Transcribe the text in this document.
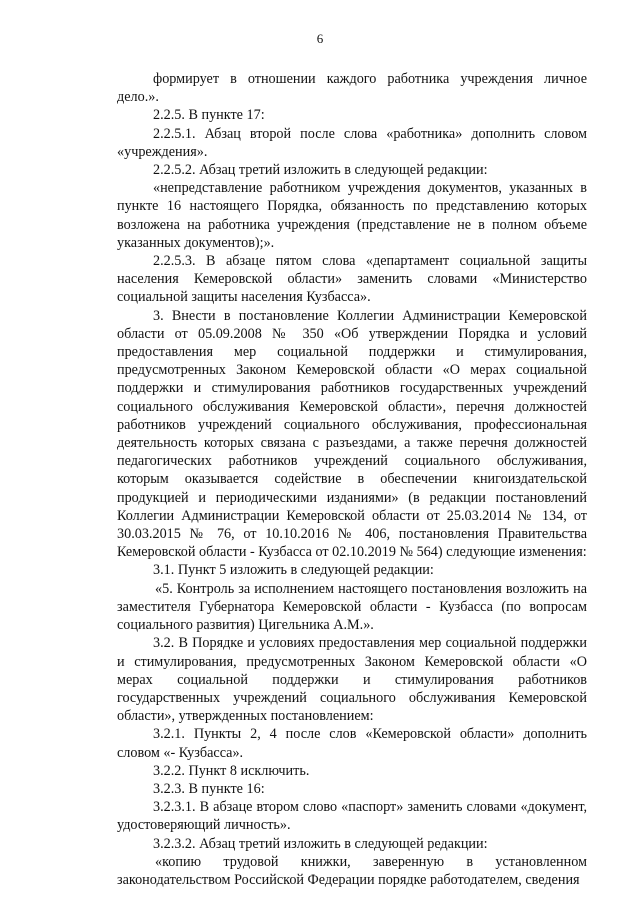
6

формирует в отношении каждого работника учреждения личное дело.».

2.2.5. В пункте 17:

2.2.5.1. Абзац второй после слова «работника» дополнить словом «учреждения».

2.2.5.2. Абзац третий изложить в следующей редакции:

«непредставление работником учреждения документов, указанных в пункте 16 настоящего Порядка, обязанность по представлению которых возложена на работника учреждения (представление не в полном объеме указанных документов);».

2.2.5.3. В абзаце пятом слова «департамент социальной защиты населения Кемеровской области» заменить словами «Министерство социальной защиты населения Кузбасса».

3. Внести в постановление Коллегии Администрации Кемеровской области от 05.09.2008 № 350 «Об утверждении Порядка и условий предоставления мер социальной поддержки и стимулирования, предусмотренных Законом Кемеровской области «О мерах социальной поддержки и стимулирования работников государственных учреждений социального обслуживания Кемеровской области», перечня должностей работников учреждений социального обслуживания, профессиональная деятельность которых связана с разъездами, а также перечня должностей педагогических работников учреждений социального обслуживания, которым оказывается содействие в обеспечении книгоиздательской продукцией и периодическими изданиями» (в редакции постановлений Коллегии Администрации Кемеровской области от 25.03.2014 № 134, от 30.03.2015 № 76, от 10.10.2016 № 406, постановления Правительства Кемеровской области - Кузбасса от 02.10.2019 № 564) следующие изменения:

3.1. Пункт 5 изложить в следующей редакции:

«5. Контроль за исполнением настоящего постановления возложить на заместителя Губернатора Кемеровской области - Кузбасса (по вопросам социального развития) Цигельника А.М.».

3.2. В Порядке и условиях предоставления мер социальной поддержки и стимулирования, предусмотренных Законом Кемеровской области «О мерах социальной поддержки и стимулирования работников государственных учреждений социального обслуживания Кемеровской области», утвержденных постановлением:

3.2.1. Пункты 2, 4 после слов «Кемеровской области» дополнить словом «- Кузбасса».

3.2.2. Пункт 8 исключить.

3.2.3. В пункте 16:

3.2.3.1. В абзаце втором слово «паспорт» заменить словами «документ, удостоверяющий личность».

3.2.3.2. Абзац третий изложить в следующей редакции:

«копию трудовой книжки, заверенную в установленном законодательством Российской Федерации порядке работодателем, сведения
